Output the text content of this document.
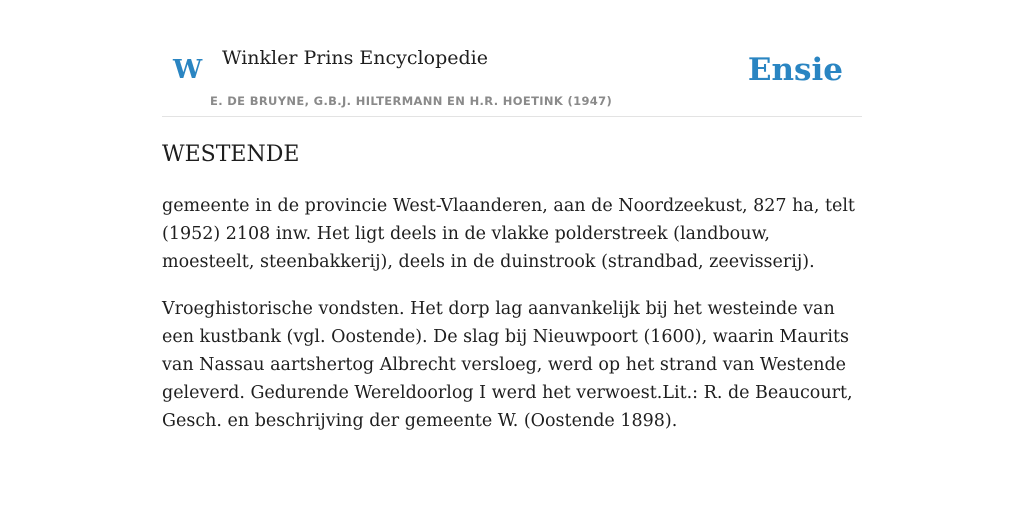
W Winkler Prins Encyclopedie
E. DE BRUYNE, G.B.J. HILTERMANN EN H.R. HOETINK (1947)
Ensie
WESTENDE

gemeente in de provincie West-Vlaanderen, aan de Noordzeekust, 827 ha, telt (1952) 2108 inw. Het ligt deels in de vlakke polderstreek (landbouw, moesteelt, steenbakkerij), deels in de duinstrook (strandbad, zeevisserij).

Vroeghistorische vondsten. Het dorp lag aanvankelijk bij het westeinde van een kustbank (vgl. Oostende). De slag bij Nieuwpoort (1600), waarin Maurits van Nassau aartshertog Albrecht versloeg, werd op het strand van Westende geleverd. Gedurende Wereldoorlog I werd het verwoest.Lit.: R. de Beaucourt, Gesch. en beschrijving der gemeente W. (Oostende 1898).
